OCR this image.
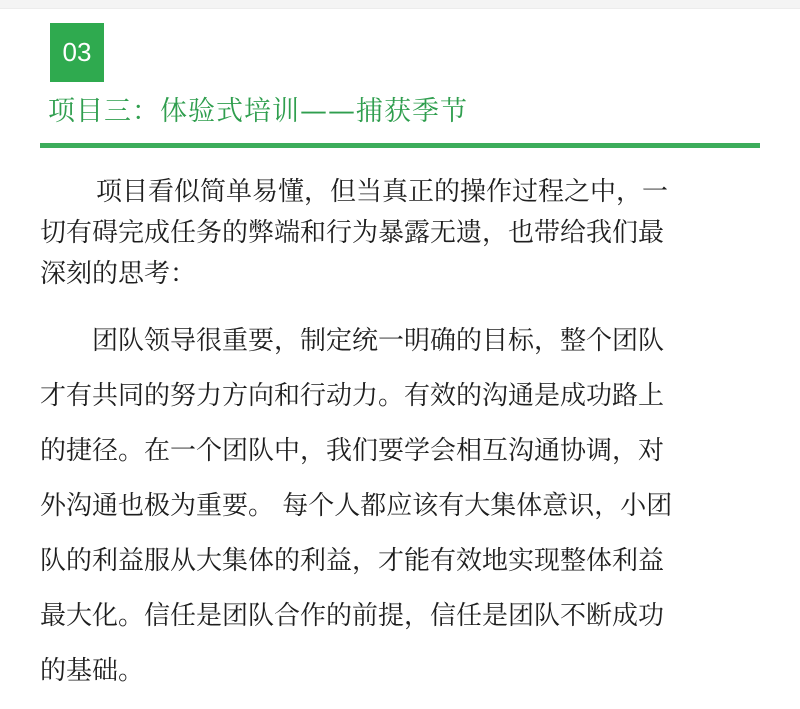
03
项目三：体验式培训——捕获季节

项目看似简单易懂，但当真正的操作过程之中，一
切有碍完成任务的弊端和行为暴露无遗，也带给我们最
深刻的思考：

团队领导很重要，制定统一明确的目标，整个团队
才有共同的努力方向和行动力。有效的沟通是成功路上
的捷径。在一个团队中，我们要学会相互沟通协调，对
外沟通也极为重要。 每个人都应该有大集体意识，小团
队的利益服从大集体的利益，才能有效地实现整体利益
最大化。信任是团队合作的前提，信任是团队不断成功
的基础。
